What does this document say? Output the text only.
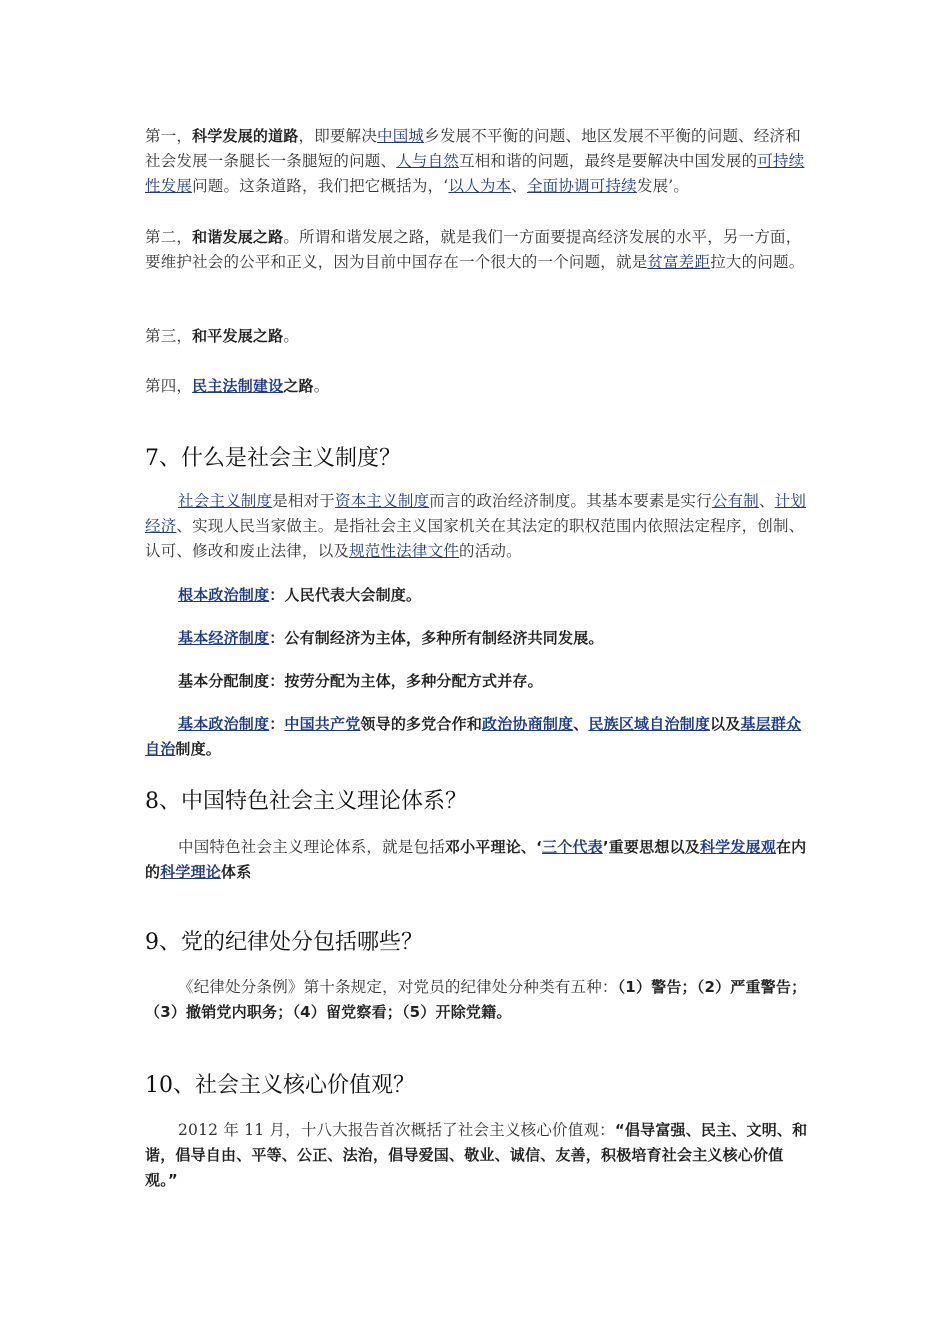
第一，科学发展的道路，即要解决中国城乡发展不平衡的问题、地区发展不平衡的问题、经济和社会发展一条腿长一条腿短的问题、人与自然互相和谐的问题，最终是要解决中国发展的可持续性发展问题。这条道路，我们把它概括为，‘以人为本、全面协调可持续发展’。
第二，和谐发展之路。所谓和谐发展之路，就是我们一方面要提高经济发展的水平，另一方面，要维护社会的公平和正义，因为目前中国存在一个很大的一个问题，就是贫富差距拉大的问题。
第三，和平发展之路。
第四，民主法制建设之路。
7、什么是社会主义制度？
社会主义制度是相对于资本主义制度而言的政治经济制度。其基本要素是实行公有制、计划经济、实现人民当家做主。是指社会主义国家机关在其法定的职权范围内依照法定程序，创制、认可、修改和废止法律，以及规范性法律文件的活动。
根本政治制度：人民代表大会制度。
基本经济制度：公有制经济为主体，多种所有制经济共同发展。
基本分配制度：按劳分配为主体，多种分配方式并存。
基本政治制度：中国共产党领导的多党合作和政治协商制度、民族区域自治制度以及基层群众自治制度。
8、中国特色社会主义理论体系？
中国特色社会主义理论体系，就是包括邓小平理论、‘三个代表’重要思想以及科学发展观在内的科学理论体系
9、党的纪律处分包括哪些？
《纪律处分条例》第十条规定，对党员的纪律处分种类有五种：（1）警告；（2）严重警告；（3）撤销党内职务；（4）留党察看；（5）开除党籍。
10、社会主义核心价值观？
2012 年 11 月，十八大报告首次概括了社会主义核心价值观：“倡导富强、民主、文明、和谐，倡导自由、平等、公正、法治，倡导爱国、敬业、诚信、友善，积极培育社会主义核心价值观。”
